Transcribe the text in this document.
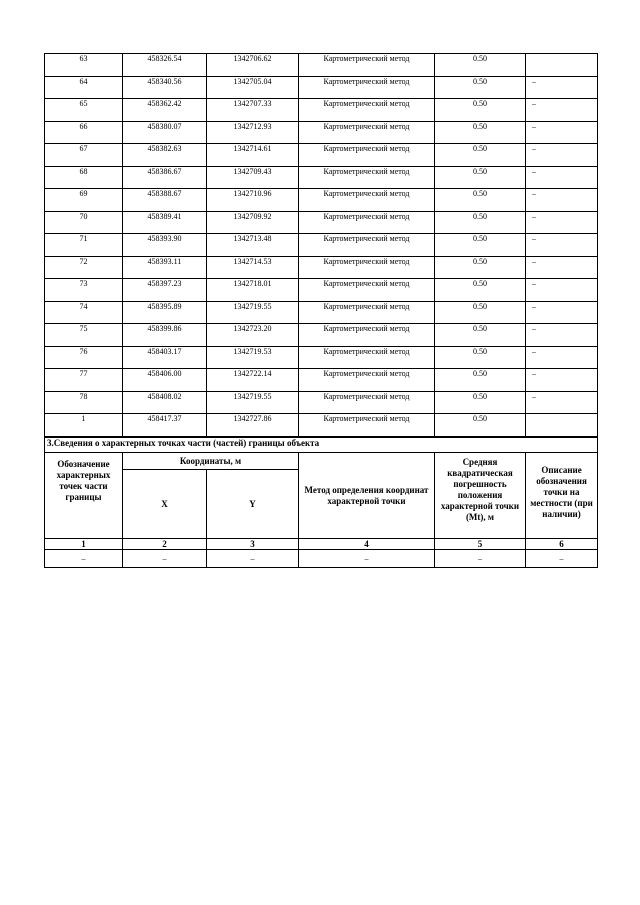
63	458326.54	1342706.62	Картометрический метод	0.50	
64	458340.56	1342705.04	Картометрический метод	0.50	–
65	458362.42	1342707.33	Картометрический метод	0.50	–
66	458380.07	1342712.93	Картометрический метод	0.50	–
67	458382.63	1342714.61	Картометрический метод	0.50	–
68	458386.67	1342709.43	Картометрический метод	0.50	–
69	458388.67	1342710.96	Картометрический метод	0.50	–
70	458389.41	1342709.92	Картометрический метод	0.50	–
71	458393.90	1342713.48	Картометрический метод	0.50	–
72	458393.11	1342714.53	Картометрический метод	0.50	–
73	458397.23	1342718.01	Картометрический метод	0.50	–
74	458395.89	1342719.55	Картометрический метод	0.50	–
75	458399.86	1342723.20	Картометрический метод	0.50	–
76	458403.17	1342719.53	Картометрический метод	0.50	–
77	458406.00	1342722.14	Картометрический метод	0.50	–
78	458408.02	1342719.55	Картометрический метод	0.50	–
1	458417.37	1342727.86	Картометрический метод	0.50	
3.Сведения о характерных точках части (частей) границы объекта					
Обозначение характерных точек части границы	Координаты, м		Метод определения координат характерной точки	Средняя квадратическая погрешность положения характерной точки (Mt), м	Описание обозначения точки на местности (при наличии)
	X	Y			
1	2	3	4	5	6
–	–	–	–	–	–
